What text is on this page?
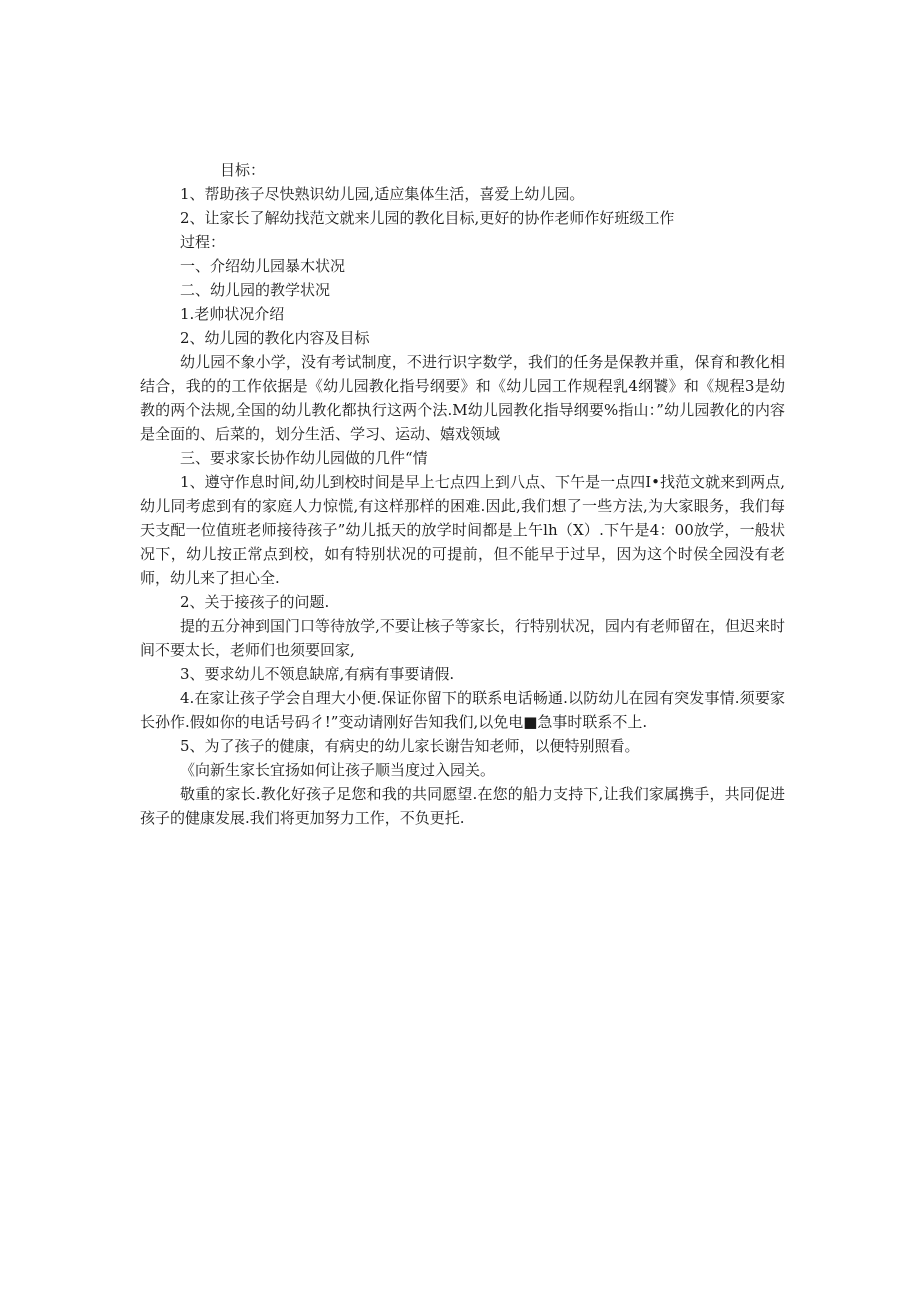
目标：

1、帮助孩子尽快熟识幼儿园,适应集体生活，喜爱上幼儿园。

2、让家长了解幼找范文就来儿园的教化目标,更好的协作老师作好班级工作

过程：

一、介绍幼儿园暴木状况

二、幼儿园的教学状况

1.老帅状况介绍

2、幼儿园的教化内容及目标

幼儿园不象小学，没有考试制度，不进行识字数学，我们的任务是保教并重，保育和教化相结合，我的的工作依据是《幼儿园教化指号纲要》和《幼儿园工作规程乳4纲饕》和《规程3是幼教的两个法规,全国的幼儿教化都执行这两个法.M幼儿园教化指导纲要%指山：”幼儿园教化的内容是全面的、后菜的，划分生活、学习、运动、嬉戏领域

三、要求家长协作幼儿园做的几件“情

1、遵守作息时间,幼儿到校时间是早上七点四上到八点、下午是一点四I•找范文就来到两点,幼儿同考虑到有的家庭人力惊慌,有这样那样的困难.因此,我们想了一些方法,为大家眼务，我们每天支配一位值班老师接待孩子”幼儿抵天的放学时间都是上午lh（X）.下午是4：00放学，一般状况下，幼儿按正常点到校，如有特别状况的可提前，但不能早于过早，因为这个时侯全园没有老师，幼儿来了担心全.

2、关于接孩子的问题.

提的五分神到国门口等待放学,不要让核子等家长，行特别状况，园内有老师留在，但迟来时间不要太长，老师们也须要回家,

3、要求幼儿不领息缺席,有病有事要请假.

4.在家让孩子学会自理大小便.保证你留下的联系电话畅通.以防幼儿在园有突发事情.须要家长孙作.假如你的电话号码彳!”变动请刚好告知我们,以免电■急事时联系不上.

5、为了孩子的健康，有病史的幼儿家长谢告知老师，以便特别照看。

《向新生家长宜扬如何让孩子顺当度过入园关。

敬重的家长.教化好孩子足您和我的共同愿望.在您的船力支持下,让我们家属携手，共同促进孩子的健康发展.我们将更加努力工作，不负更托.
